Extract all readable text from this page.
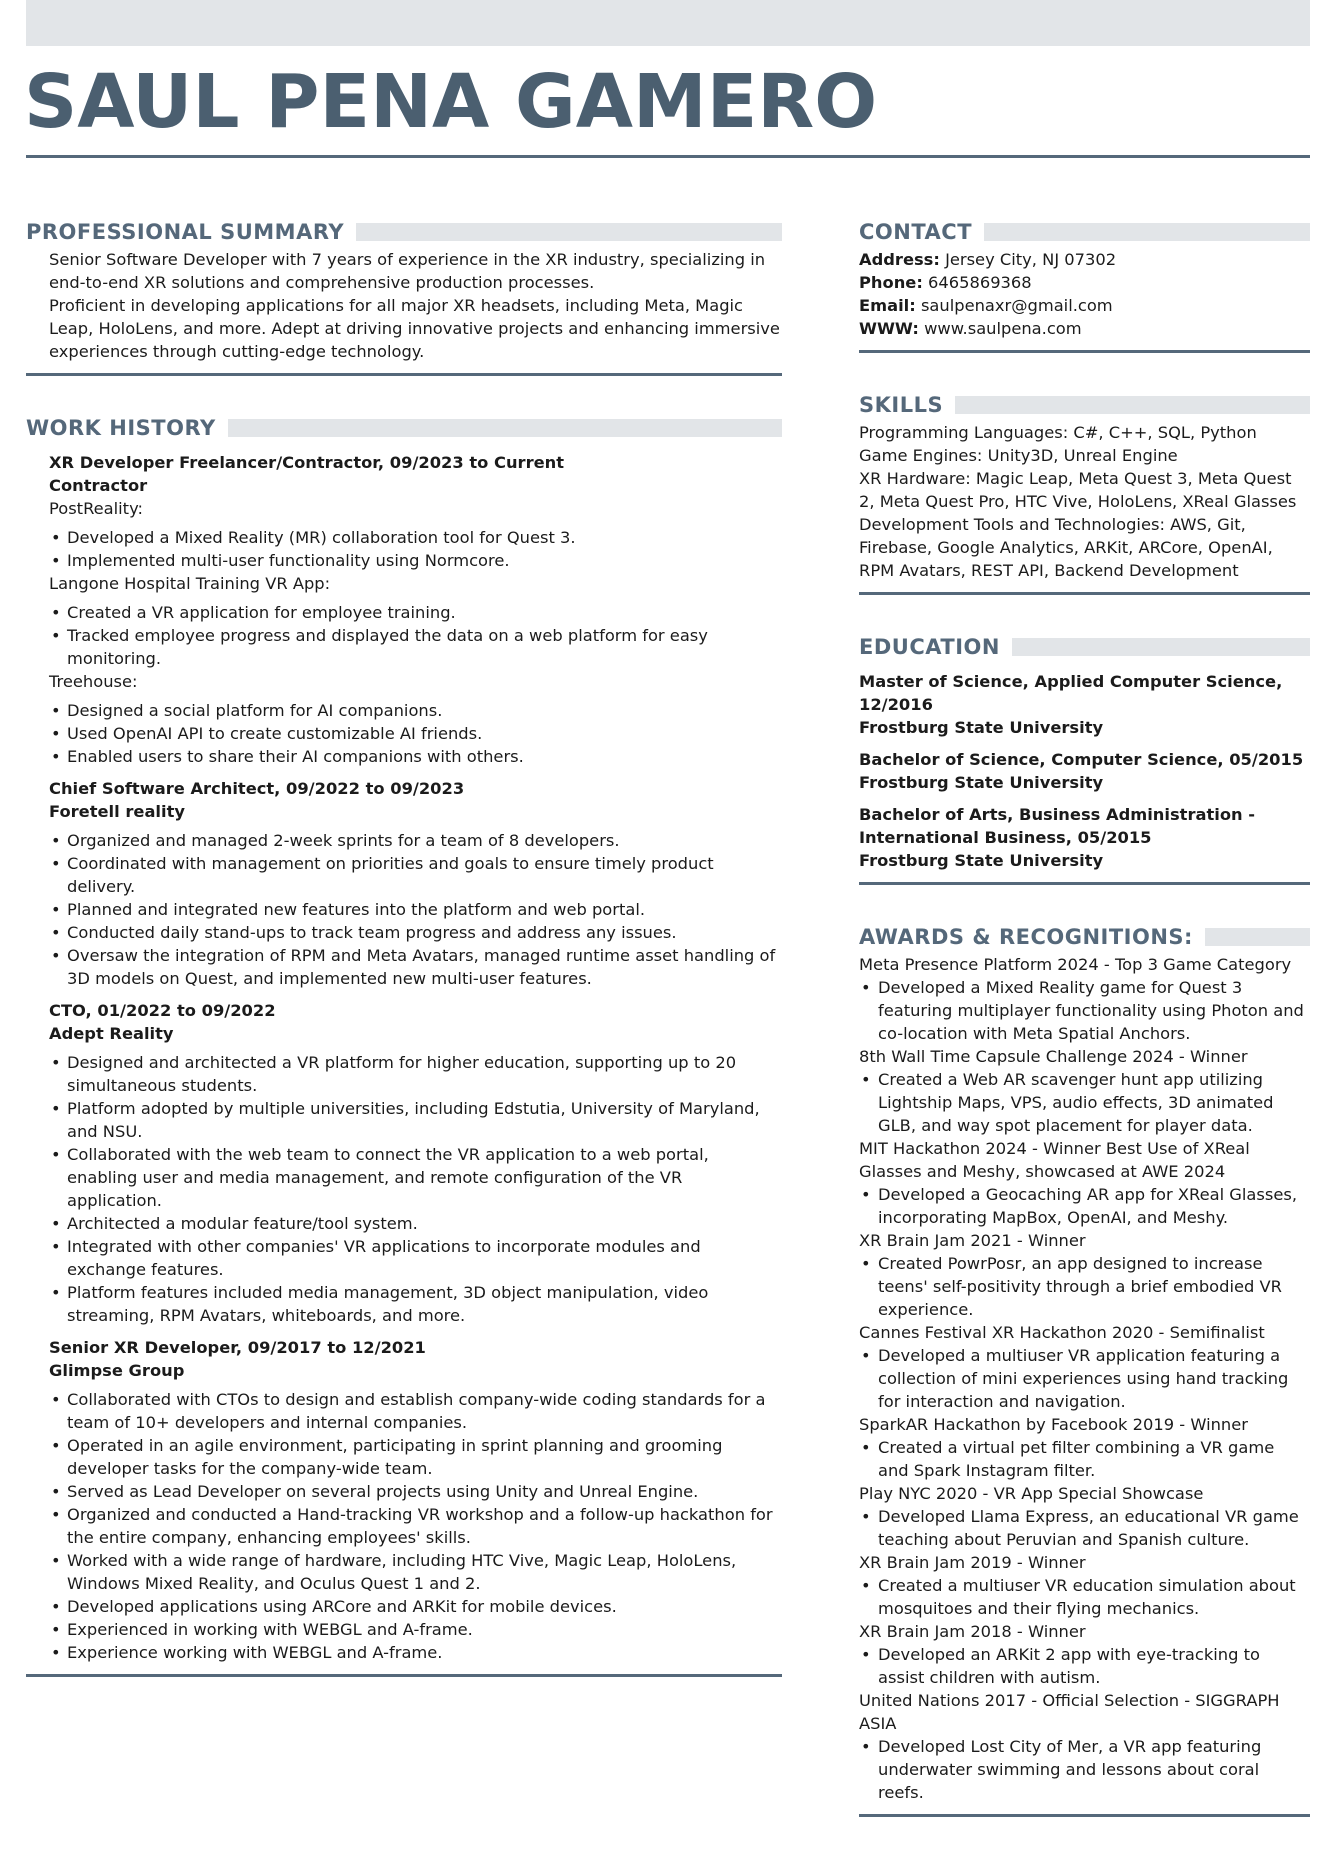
SAUL PENA GAMERO
PROFESSIONAL SUMMARY
Senior Software Developer with 7 years of experience in the XR industry, specializing in end-to-end XR solutions and comprehensive production processes.
Proficient in developing applications for all major XR headsets, including Meta, Magic Leap, HoloLens, and more. Adept at driving innovative projects and enhancing immersive experiences through cutting-edge technology.
WORK HISTORY
XR Developer Freelancer/Contractor, 09/2023 to Current
Contractor
PostReality:
• Developed a Mixed Reality (MR) collaboration tool for Quest 3.
• Implemented multi-user functionality using Normcore.
Langone Hospital Training VR App:
• Created a VR application for employee training.
• Tracked employee progress and displayed the data on a web platform for easy monitoring.
Treehouse:
• Designed a social platform for AI companions.
• Used OpenAI API to create customizable AI friends.
• Enabled users to share their AI companions with others.
Chief Software Architect, 09/2022 to 09/2023
Foretell reality
• Organized and managed 2-week sprints for a team of 8 developers.
• Coordinated with management on priorities and goals to ensure timely product delivery.
• Planned and integrated new features into the platform and web portal.
• Conducted daily stand-ups to track team progress and address any issues.
• Oversaw the integration of RPM and Meta Avatars, managed runtime asset handling of 3D models on Quest, and implemented new multi-user features.
CTO, 01/2022 to 09/2022
Adept Reality
• Designed and architected a VR platform for higher education, supporting up to 20 simultaneous students.
• Platform adopted by multiple universities, including Edstutia, University of Maryland, and NSU.
• Collaborated with the web team to connect the VR application to a web portal, enabling user and media management, and remote configuration of the VR application.
• Architected a modular feature/tool system.
• Integrated with other companies' VR applications to incorporate modules and exchange features.
• Platform features included media management, 3D object manipulation, video streaming, RPM Avatars, whiteboards, and more.
Senior XR Developer, 09/2017 to 12/2021
Glimpse Group
• Collaborated with CTOs to design and establish company-wide coding standards for a team of 10+ developers and internal companies.
• Operated in an agile environment, participating in sprint planning and grooming developer tasks for the company-wide team.
• Served as Lead Developer on several projects using Unity and Unreal Engine.
• Organized and conducted a Hand-tracking VR workshop and a follow-up hackathon for the entire company, enhancing employees' skills.
• Worked with a wide range of hardware, including HTC Vive, Magic Leap, HoloLens, Windows Mixed Reality, and Oculus Quest 1 and 2.
• Developed applications using ARCore and ARKit for mobile devices.
• Experienced in working with WEBGL and A-frame.
• Experience working with WEBGL and A-frame.
CONTACT
Address: Jersey City, NJ 07302
Phone: 6465869368
Email: saulpenaxr@gmail.com
WWW: www.saulpena.com
SKILLS
Programming Languages: C#, C++, SQL, Python
Game Engines: Unity3D, Unreal Engine
XR Hardware: Magic Leap, Meta Quest 3, Meta Quest 2, Meta Quest Pro, HTC Vive, HoloLens, XReal Glasses
Development Tools and Technologies: AWS, Git, Firebase, Google Analytics, ARKit, ARCore, OpenAI, RPM Avatars, REST API, Backend Development
EDUCATION
Master of Science, Applied Computer Science, 12/2016
Frostburg State University
Bachelor of Science, Computer Science, 05/2015
Frostburg State University
Bachelor of Arts, Business Administration - International Business, 05/2015
Frostburg State University
AWARDS & RECOGNITIONS:
Meta Presence Platform 2024 - Top 3 Game Category
• Developed a Mixed Reality game for Quest 3 featuring multiplayer functionality using Photon and co-location with Meta Spatial Anchors.
8th Wall Time Capsule Challenge 2024 - Winner
• Created a Web AR scavenger hunt app utilizing Lightship Maps, VPS, audio effects, 3D animated GLB, and way spot placement for player data.
MIT Hackathon 2024 - Winner Best Use of XReal Glasses and Meshy, showcased at AWE 2024
• Developed a Geocaching AR app for XReal Glasses, incorporating MapBox, OpenAI, and Meshy.
XR Brain Jam 2021 - Winner
• Created PowrPosr, an app designed to increase teens' self-positivity through a brief embodied VR experience.
Cannes Festival XR Hackathon 2020 - Semifinalist
• Developed a multiuser VR application featuring a collection of mini experiences using hand tracking for interaction and navigation.
SparkAR Hackathon by Facebook 2019 - Winner
• Created a virtual pet filter combining a VR game and Spark Instagram filter.
Play NYC 2020 - VR App Special Showcase
• Developed Llama Express, an educational VR game teaching about Peruvian and Spanish culture.
XR Brain Jam 2019 - Winner
• Created a multiuser VR education simulation about mosquitoes and their flying mechanics.
XR Brain Jam 2018 - Winner
• Developed an ARKit 2 app with eye-tracking to assist children with autism.
United Nations 2017 - Official Selection - SIGGRAPH ASIA
• Developed Lost City of Mer, a VR app featuring underwater swimming and lessons about coral reefs.
